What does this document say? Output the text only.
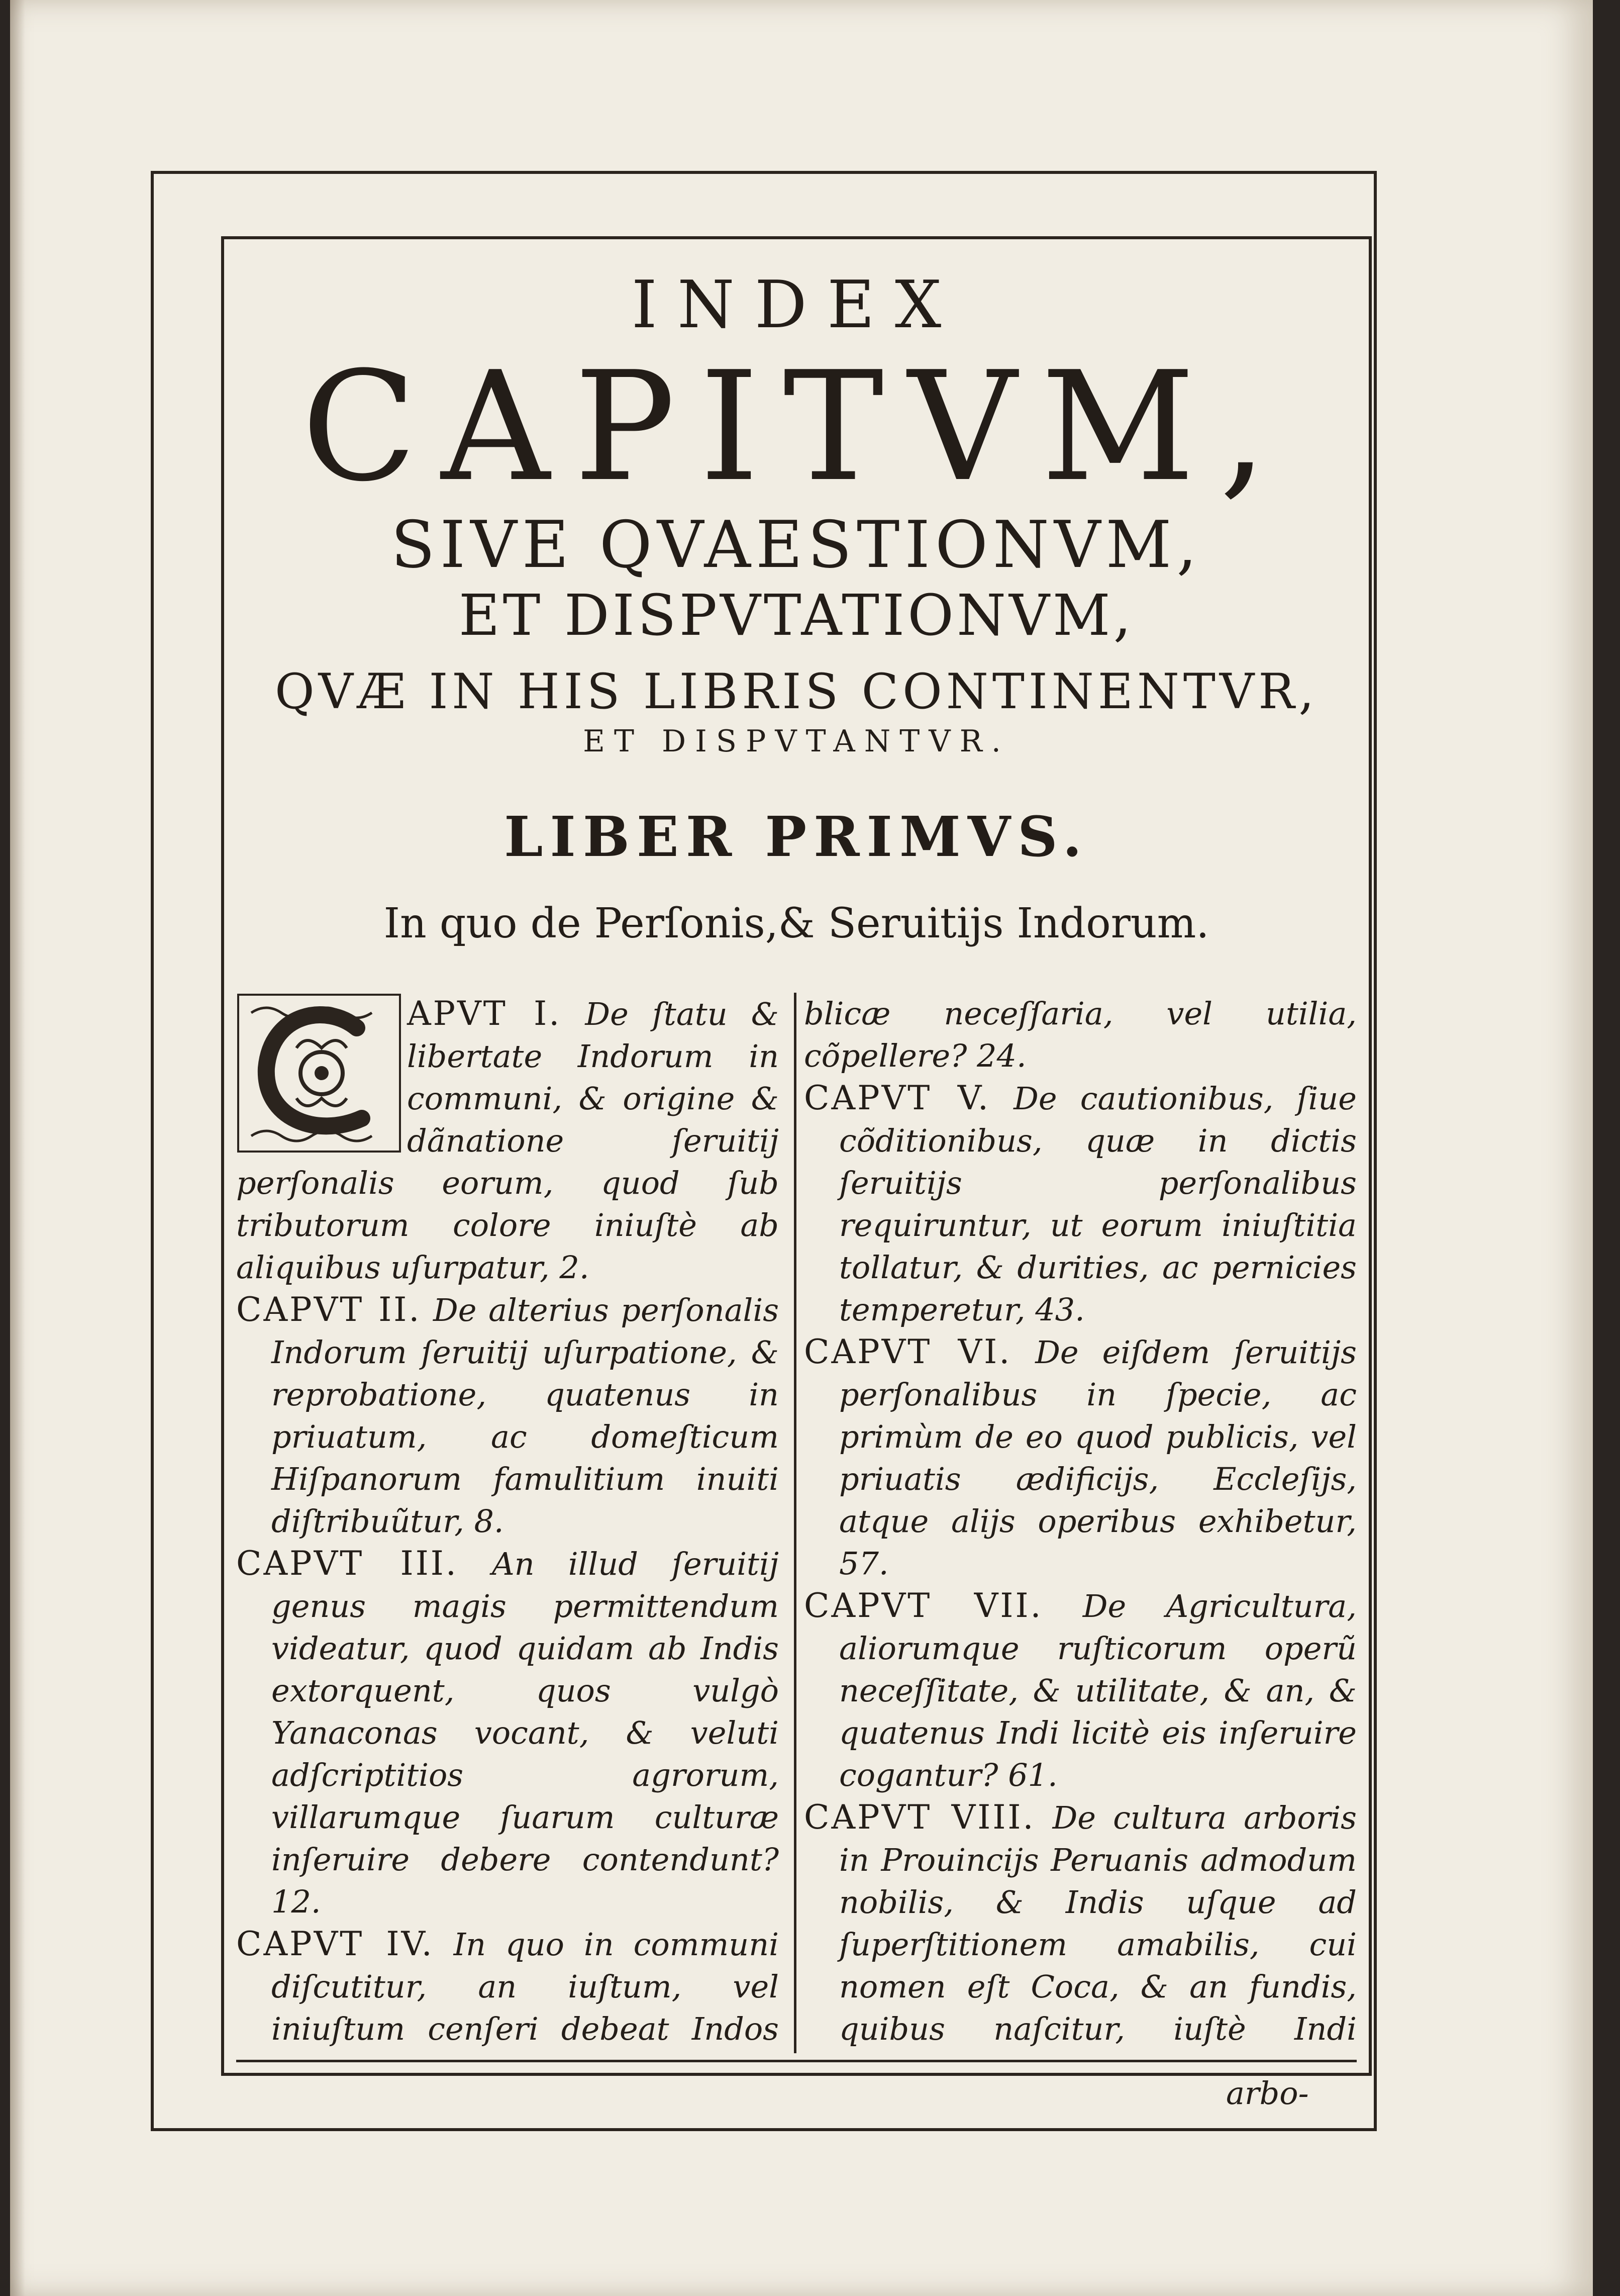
INDEX
CAPITVM,
SIVE QVAESTIONVM,
ET DISPVTATIONVM,
QVÆ IN HIS LIBRIS CONTINENTVR,
ET DISPVTANTVR.
LIBER PRIMVS.
In quo de Perſonis,& Seruitijs Indorum.

APVT I. De ſtatu & libertate Indorum in communi, & origine & dãnatione ſeruitij perſonalis eorum, quod ſub tributorum colore iniuſtè ab aliquibus uſurpatur, 2.

CAPVT II. De alterius perſonalis Indorum ſeruitij uſurpatione, & reprobatione, quatenus in priuatum, ac domeſticum Hiſpanorum famulitium inuiti diſtribuũtur, 8.

CAPVT III. An illud ſeruitij genus magis permittendum videatur, quod quidam ab Indis extorquent, quos vulgò Yanaconas vocant, & veluti adſcriptitios agrorum, villarumque ſuarum culturæ inſeruire debere contendunt? 12.

CAPVT IV. In quo in communi diſcutitur, an iuſtum, vel iniuſtum cenſeri debeat Indos

blicæ neceſſaria, vel utilia, cõpellere? 24.

CAPVT V. De cautionibus, ſiue cõditionibus, quæ in dictis ſeruitijs perſonalibus requiruntur, ut eorum iniuſtitia tollatur, & durities, ac pernicies temperetur, 43.

CAPVT VI. De eiſdem ſeruitijs perſonalibus in ſpecie, ac primùm de eo quod publicis, vel priuatis ædificijs, Eccleſijs, atque alijs operibus exhibetur, 57.

CAPVT VII. De Agricultura, aliorumque ruſticorum operũ neceſſitate, & utilitate, & an, & quatenus Indi licitè eis inſeruire cogantur? 61.

CAPVT VIII. De cultura arboris in Prouincijs Peruanis admodum nobilis, & Indis uſque ad ſuperſtitionem amabilis, cui nomen eſt Coca, & an fundis, quibus naſcitur, iuſtè Indi

arbo-
